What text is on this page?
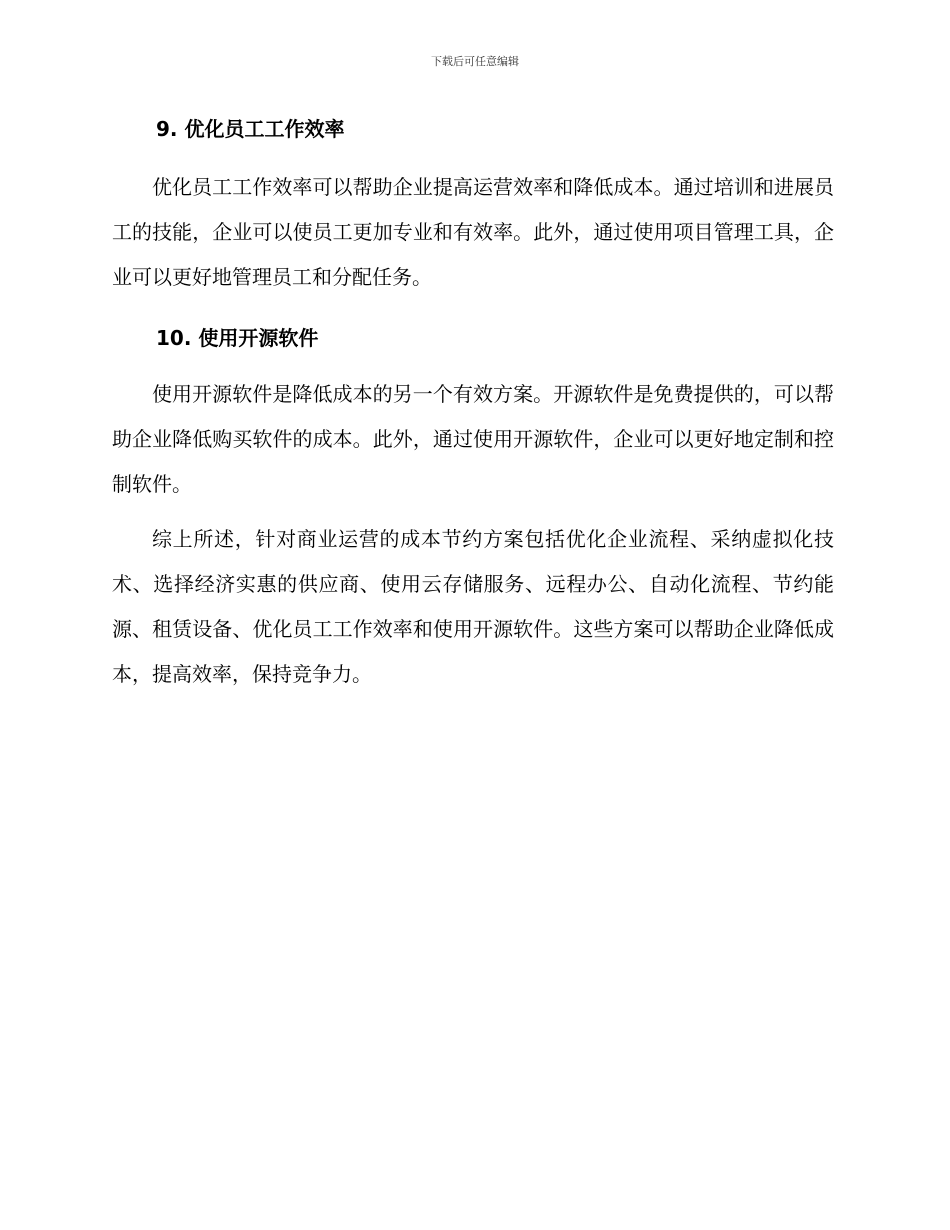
下载后可任意编辑
9. 优化员工工作效率

优化员工工作效率可以帮助企业提高运营效率和降低成本。通过培训和进展员工的技能，企业可以使员工更加专业和有效率。此外，通过使用项目管理工具，企业可以更好地管理员工和分配任务。

10. 使用开源软件

使用开源软件是降低成本的另一个有效方案。开源软件是免费提供的，可以帮助企业降低购买软件的成本。此外，通过使用开源软件，企业可以更好地定制和控制软件。

综上所述，针对商业运营的成本节约方案包括优化企业流程、采纳虚拟化技术、选择经济实惠的供应商、使用云存储服务、远程办公、自动化流程、节约能源、租赁设备、优化员工工作效率和使用开源软件。这些方案可以帮助企业降低成本，提高效率，保持竞争力。
